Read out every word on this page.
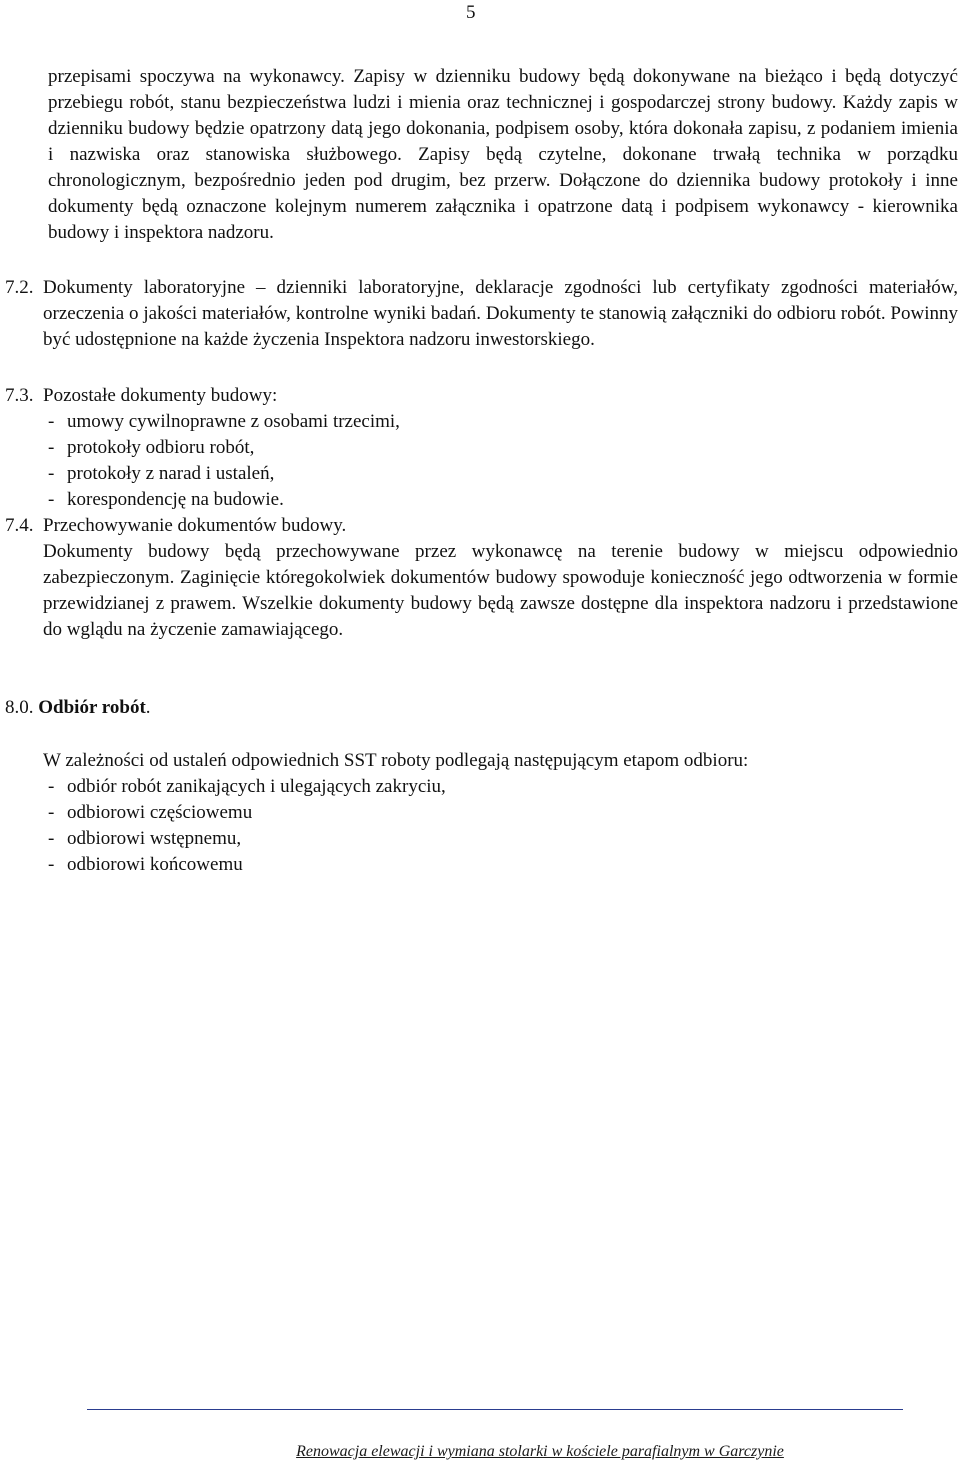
5
przepisami spoczywa na wykonawcy. Zapisy w dzienniku budowy będą dokonywane na bieżąco i będą dotyczyć przebiegu robót, stanu bezpieczeństwa ludzi i mienia oraz technicznej i gospodarczej strony budowy. Każdy zapis w dzienniku budowy będzie opatrzony datą jego dokonania, podpisem osoby, która dokonała zapisu, z podaniem imienia i nazwiska oraz stanowiska służbowego. Zapisy będą czytelne, dokonane trwałą technika w porządku chronologicznym, bezpośrednio jeden pod drugim, bez przerw. Dołączone do dziennika budowy protokoły i inne dokumenty będą oznaczone kolejnym numerem załącznika i opatrzone datą i podpisem wykonawcy - kierownika budowy i inspektora nadzoru.
7.2. Dokumenty laboratoryjne – dzienniki laboratoryjne, deklaracje zgodności lub certyfikaty zgodności materiałów, orzeczenia o jakości materiałów, kontrolne wyniki badań. Dokumenty te stanowią załączniki do odbioru robót. Powinny być udostępnione na każde życzenia Inspektora nadzoru inwestorskiego.
7.3. Pozostałe dokumenty budowy:
- umowy cywilnoprawne z osobami trzecimi,
- protokoły odbioru robót,
- protokoły z narad i ustaleń,
- korespondencję na budowie.
7.4. Przechowywanie dokumentów budowy.
Dokumenty budowy będą przechowywane przez wykonawcę na terenie budowy w miejscu odpowiednio zabezpieczonym. Zaginięcie któregokolwiek dokumentów budowy spowoduje konieczność jego odtworzenia w formie przewidzianej z prawem. Wszelkie dokumenty budowy będą zawsze dostępne dla inspektora nadzoru i przedstawione do wglądu na życzenie zamawiającego.
8.0. Odbiór robót.
W zależności od ustaleń odpowiednich SST roboty podlegają następującym etapom odbioru:
- odbiór robót zanikających i ulegających zakryciu,
- odbiorowi częściowemu
- odbiorowi wstępnemu,
- odbiorowi końcowemu
Renowacja elewacji i wymiana stolarki w kościele parafialnym w Garczynie
